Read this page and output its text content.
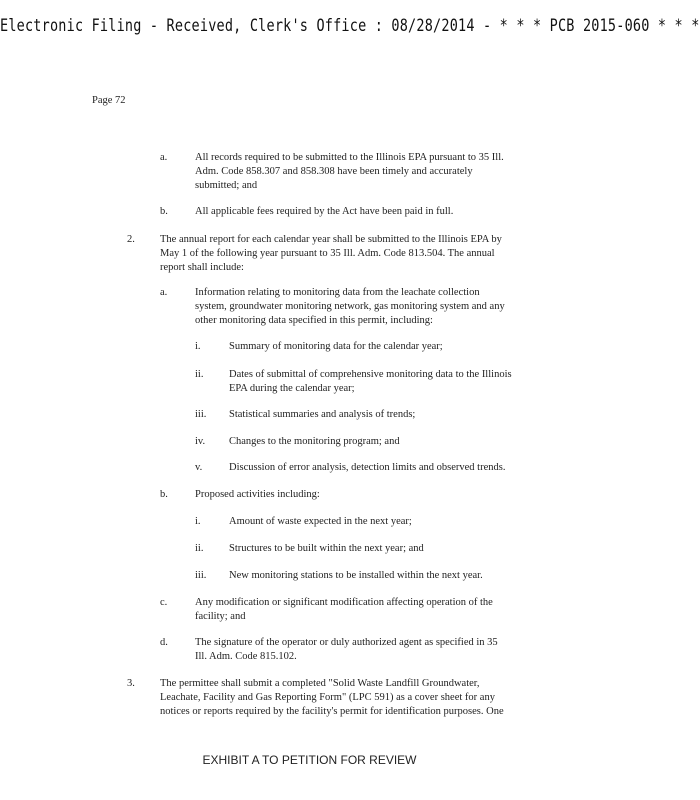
Electronic Filing - Received, Clerk's Office : 08/28/2014 - * * * PCB 2015-060 * * *
Page 72
a.	All records required to be submitted to the Illinois EPA pursuant to 35 Ill.
Adm. Code 858.307 and 858.308 have been timely and accurately
submitted; and
b.	All applicable fees required by the Act have been paid in full.
2. The annual report for each calendar year shall be submitted to the Illinois EPA by
May 1 of the following year pursuant to 35 Ill. Adm. Code 813.504. The annual
report shall include:
a.	Information relating to monitoring data from the leachate collection
system, groundwater monitoring network, gas monitoring system and any
other monitoring data specified in this permit, including:
i.	Summary of monitoring data for the calendar year;
ii. Dates of submittal of comprehensive monitoring data to the Illinois
EPA during the calendar year;
iii. Statistical summaries and analysis of trends;
iv. Changes to the monitoring program; and
v.	Discussion of error analysis, detection limits and observed trends.
b.	Proposed activities including:
i.	Amount of waste expected in the next year;
ii. Structures to be built within the next year; and
iii. New monitoring stations to be installed within the next year.
c.	Any modification or significant modification affecting operation of the
facility; and
d.	The signature of the operator or duly authorized agent as specified in 35
Ill. Adm. Code 815.102.
3. The permittee shall submit a completed "Solid Waste Landfill Groundwater,
Leachate, Facility and Gas Reporting Form" (LPC 591) as a cover sheet for any
notices or reports required by the facility's permit for identification purposes. One
EXHIBIT A TO PETITION FOR REVIEW
